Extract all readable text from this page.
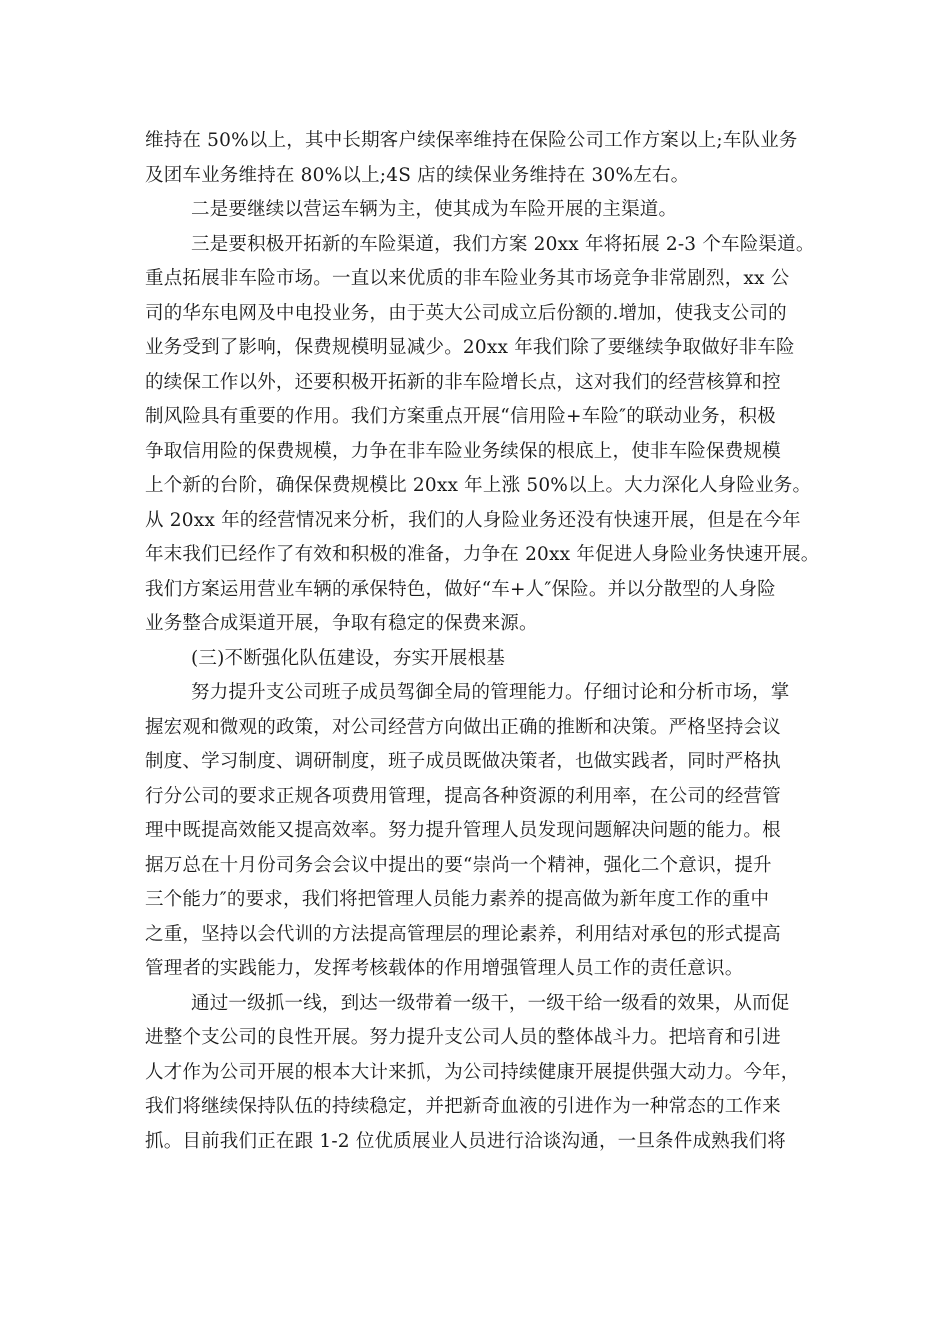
维持在 50%以上，其中长期客户续保率维持在保险公司工作方案以上;车队业务
及团车业务维持在 80%以上;4S 店的续保业务维持在 30%左右。
二是要继续以营运车辆为主，使其成为车险开展的主渠道。
三是要积极开拓新的车险渠道，我们方案 20xx 年将拓展 2-3 个车险渠道。
重点拓展非车险市场。一直以来优质的非车险业务其市场竞争非常剧烈，xx 公
司的华东电网及中电投业务，由于英大公司成立后份额的.增加，使我支公司的
业务受到了影响，保费规模明显减少。20xx 年我们除了要继续争取做好非车险
的续保工作以外，还要积极开拓新的非车险增长点，这对我们的经营核算和控
制风险具有重要的作用。我们方案重点开展“信用险+车险″的联动业务，积极
争取信用险的保费规模，力争在非车险业务续保的根底上，使非车险保费规模
上个新的台阶，确保保费规模比 20xx 年上涨 50%以上。大力深化人身险业务。
从 20xx 年的经营情况来分析，我们的人身险业务还没有快速开展，但是在今年
年末我们已经作了有效和积极的准备，力争在 20xx 年促进人身险业务快速开展。
我们方案运用营业车辆的承保特色，做好“车+人″保险。并以分散型的人身险
业务整合成渠道开展，争取有稳定的保费来源。
(三)不断强化队伍建设，夯实开展根基
努力提升支公司班子成员驾御全局的管理能力。仔细讨论和分析市场，掌
握宏观和微观的政策，对公司经营方向做出正确的推断和决策。严格坚持会议
制度、学习制度、调研制度，班子成员既做决策者，也做实践者，同时严格执
行分公司的要求正规各项费用管理，提高各种资源的利用率，在公司的经营管
理中既提高效能又提高效率。努力提升管理人员发现问题解决问题的能力。根
据万总在十月份司务会会议中提出的要“崇尚一个精神，强化二个意识，提升
三个能力″的要求，我们将把管理人员能力素养的提高做为新年度工作的重中
之重，坚持以会代训的方法提高管理层的理论素养，利用结对承包的形式提高
管理者的实践能力，发挥考核载体的作用增强管理人员工作的责任意识。
通过一级抓一线，到达一级带着一级干，一级干给一级看的效果，从而促
进整个支公司的良性开展。努力提升支公司人员的整体战斗力。把培育和引进
人才作为公司开展的根本大计来抓，为公司持续健康开展提供强大动力。今年，
我们将继续保持队伍的持续稳定，并把新奇血液的引进作为一种常态的工作来
抓。目前我们正在跟 1-2 位优质展业人员进行洽谈沟通，一旦条件成熟我们将
